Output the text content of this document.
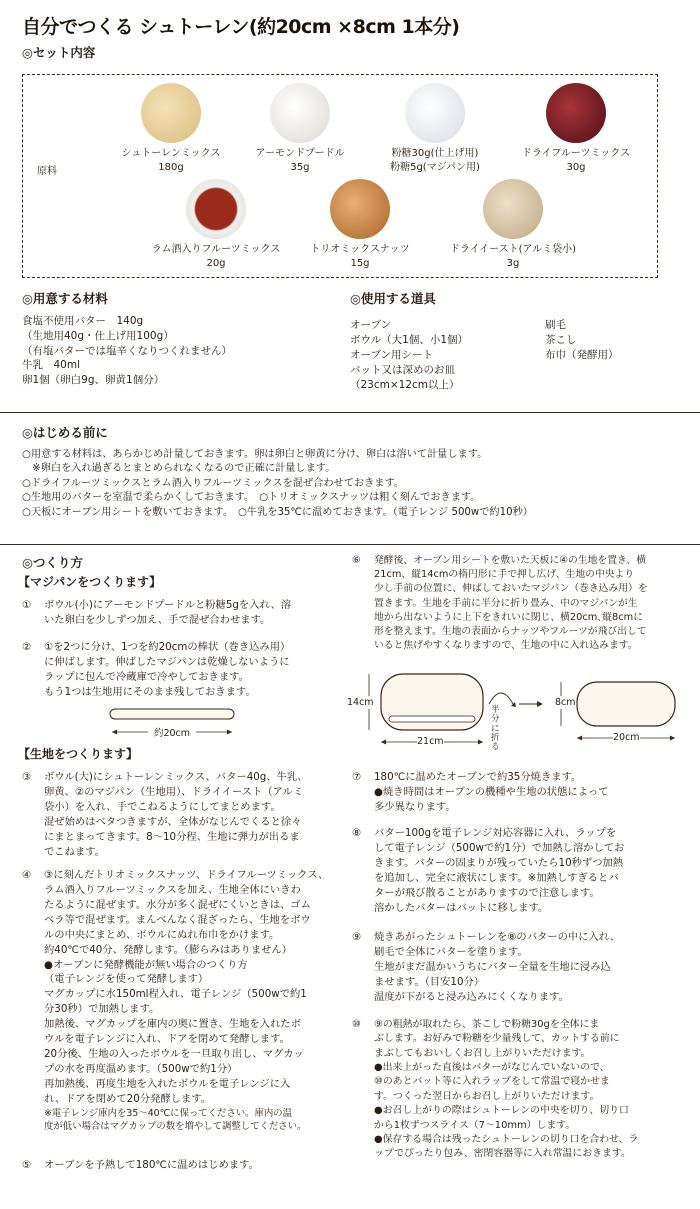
自分でつくる シュトーレン(約20cm ×8cm 1本分)
◎セット内容
原料
シュトーレンミックス
180g
アーモンドプードル
35g
粉糖30g(仕上げ用)
粉糖5g(マジパン用)
ドライフルーツミックス
30g
ラム酒入りフルーツミックス
20g
トリオミックスナッツ
15g
ドライイースト(アルミ袋小)
3g
◎用意する材料
食塩不使用バター　140g
（生地用40g・仕上げ用100g）
（有塩バターでは塩辛くなりつくれません）
牛乳　40ml
卵1個（卵白9g、卵黄1個分）
◎使用する道具
オーブン
ボウル（大1個、小1個）
オーブン用シート
バット又は深めのお皿
（23cm×12cm以上）
刷毛
茶こし
布巾（発酵用）
◎はじめる前に
○用意する材料は、あらかじめ計量しておきます。卵は卵白と卵黄に分け、卵白は溶いて計量します。
　※卵白を入れ過ぎるとまとめられなくなるので正確に計量します。
○ドライフルーツミックスとラム酒入りフルーツミックスを混ぜ合わせておきます。
○生地用のバターを室温で柔らかくしておきます。　○トリオミックスナッツは粗く刻んでおきます。
○天板にオーブン用シートを敷いておきます。　○牛乳を35℃に温めておきます。（電子レンジ 500wで約10秒）
◎つくり方
【マジパンをつくります】
① ボウル(小)にアーモンドプードルと粉糖5gを入れ、溶
いた卵白を少しずつ加え、手で混ぜ合わせます。
② ①を2つに分け、1つを約20cmの棒状（巻き込み用）
に伸ばします。伸ばしたマジパンは乾燥しないように
ラップに包んで冷蔵庫で冷やしておきます。
もう1つは生地用にそのまま残しておきます。
約20cm
【生地をつくります】
③ ボウル(大)にシュトーレンミックス、バター40g、牛乳、
卵黄、②のマジパン（生地用）、ドライイースト（アルミ
袋小）を入れ、手でこねるようにしてまとめます。
混ぜ始めはベタつきますが、全体がなじんでくると徐々
にまとまってきます。8～10分程、生地に弾力が出るま
でこねます。
④ ③に刻んだトリオミックスナッツ、ドライフルーツミックス、
ラム酒入りフルーツミックスを加え、生地全体にいきわ
たるように混ぜます。水分が多く混ぜにくいときは、ゴム
ベラ等で混ぜます。まんべんなく混ざったら、生地をボウ
ルの中央にまとめ、ボウルにぬれ布巾をかけます。
約40℃で40分、発酵します。（膨らみはありません）
●オーブンに発酵機能が無い場合のつくり方
（電子レンジを使って発酵します）
マグカップに水150ml程入れ、電子レンジ（500wで約1
分30秒）で加熱します。
加熱後、マグカップを庫内の奥に置き、生地を入れたボ
ウルを電子レンジに入れ、ドアを閉めて発酵します。
20分後、生地の入ったボウルを一旦取り出し、マグカッ
プの水を再度温めます。（500wで約1分）
再加熱後、再度生地を入れたボウルを電子レンジに入
れ、ドアを閉めて20分発酵します。
※電子レンジ庫内を35～40℃に保ってください。庫内の温
度が低い場合はマグカップの数を増やして調整してください。
⑤ オーブンを予熱して180℃に温めはじめます。
⑥ 発酵後、オーブン用シートを敷いた天板に④の生地を置き、横
21cm、縦14cmの楕円形に手で押し広げ、生地の中央より
少し手前の位置に、伸ばしておいたマジパン（巻き込み用）を
置きます。生地を手前に半分に折り畳み、中のマジパンが生
地から出ないように上下をきれいに閉じ、横20cm､縦8cmに
形を整えます。生地の表面からナッツやフルーツが飛び出して
いると焦げやすくなりますので、生地の中に入れ込みます。
14cm
21cm
半分に折る
8cm
20cm
⑦ 180℃に温めたオーブンで約35分焼きます。
●焼き時間はオーブンの機種や生地の状態によって
多少異なります。
⑧ バター100gを電子レンジ対応容器に入れ、ラップを
して電子レンジ（500wで約1分）で加熱し溶かしてお
きます。バターの固まりが残っていたら10秒ずつ加熱
を追加し、完全に液状にします。※加熱しすぎるとバ
ターが飛び散ることがありますので注意します。
溶かしたバターはバットに移します。
⑨ 焼きあがったシュトーレンを⑧のバターの中に入れ、
刷毛で全体にバターを塗ります。
生地がまだ温かいうちにバター全量を生地に浸み込
ませます。（目安10分）
温度が下がると浸み込みにくくなります。
⑩ ⑨の粗熱が取れたら、茶こしで粉糖30gを全体にま
ぶします。お好みで粉糖を少量残して、カットする前に
まぶしてもおいしくお召し上がりいただけます。
●出来上がった直後はバターがなじんでいないので、
⑩のあとバット等に入れラップをして常温で寝かせま
す。つくった翌日からお召し上がりいただけます。
●お召し上がりの際はシュトーレンの中央を切り、切り口
から1枚ずつスライス（7～10mm）します。
●保存する場合は残ったシュトーレンの切り口を合わせ、ラ
ップでぴったり包み、密閉容器等に入れ常温におきます。
